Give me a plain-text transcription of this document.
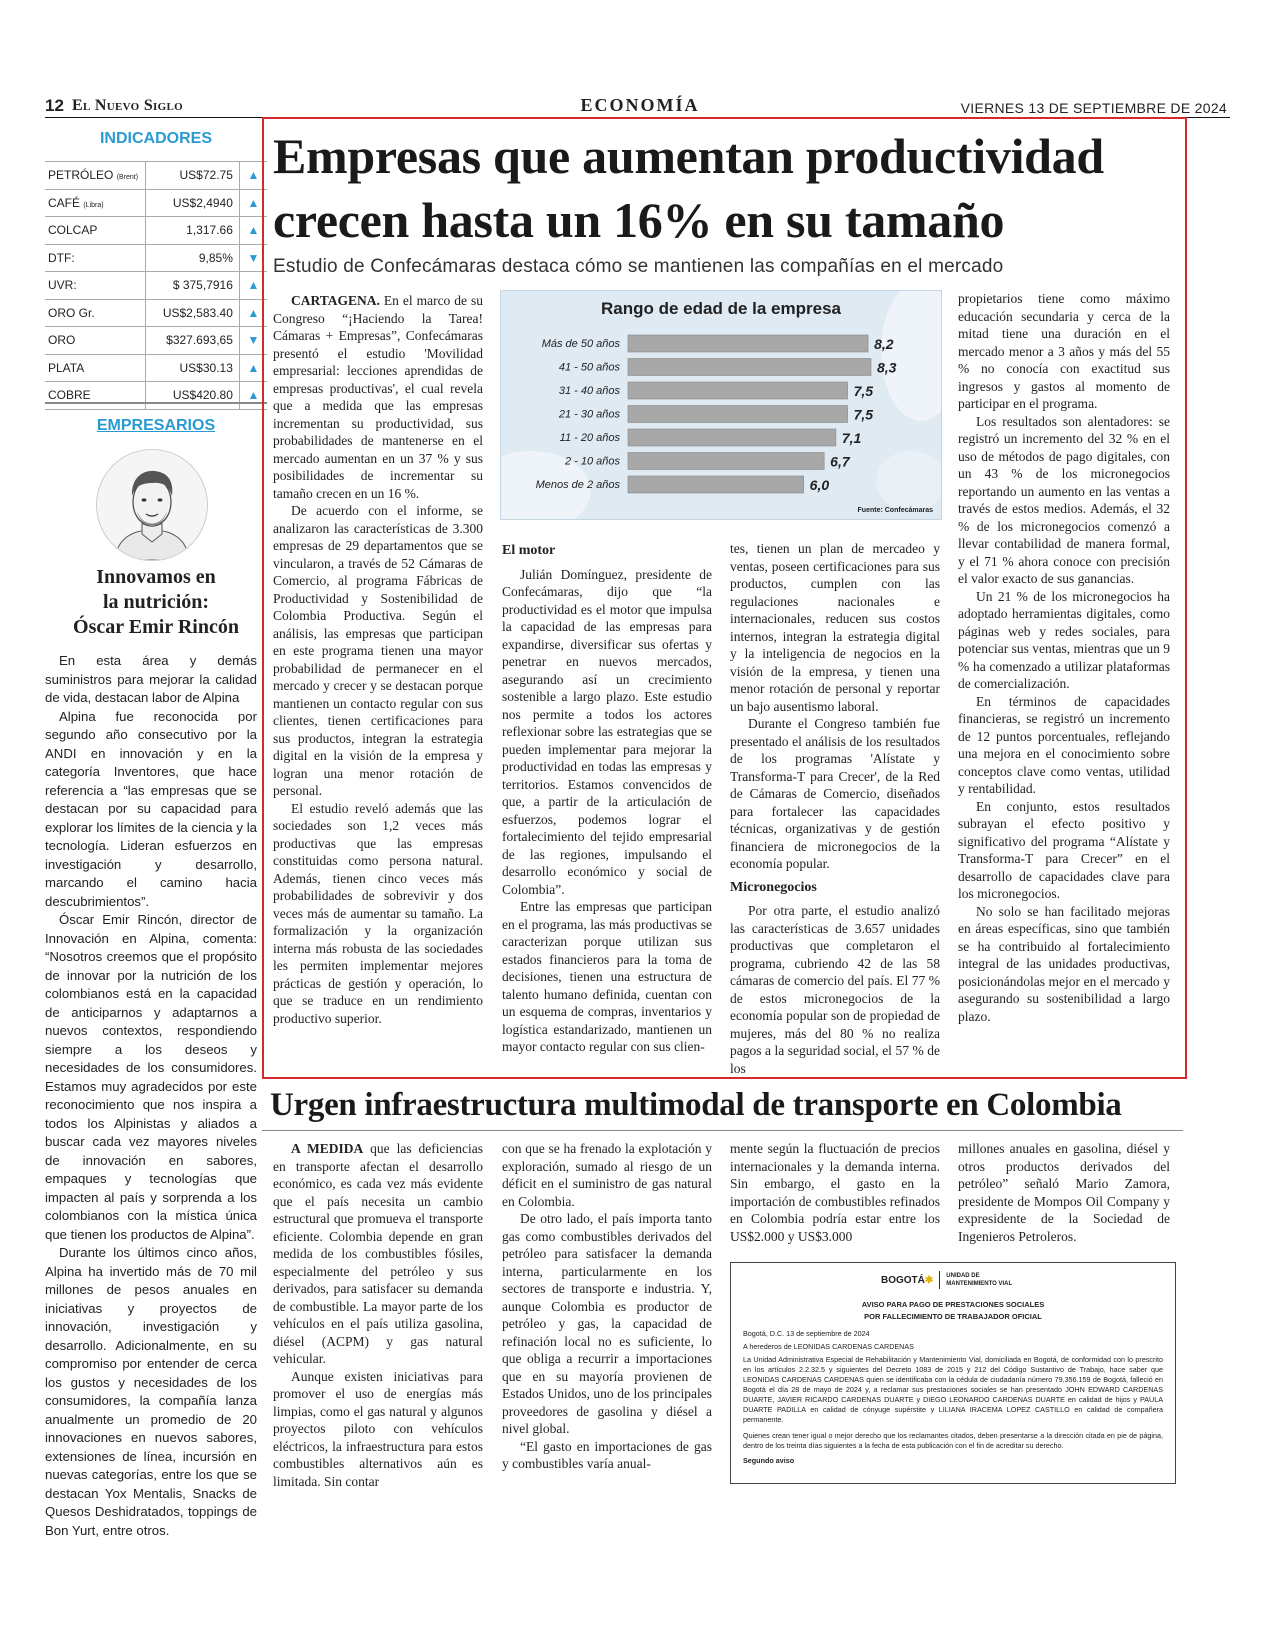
12 El Nuevo Siglo	ECONOMÍA	VIERNES 13 DE SEPTIEMBRE DE 2024
INDICADORES
PETRÓLEO (Brent)	US$72.75	▲
CAFÉ (Libra)	US$2,4940	▲
COLCAP	1,317.66	▲
DTF:	9,85%	▼
UVR:	$ 375,7916	▲
ORO Gr.	US$2,583.40	▲
ORO	$327.693,65	▼
PLATA	US$30.13	▲
COBRE	US$420.80	▲
EMPRESARIOS
Innovamos en
la nutrición:
Óscar Emir Rincón

En esta área y demás suministros para mejorar la calidad de vida, destacan labor de Alpina

Alpina fue reconocida por segundo año consecutivo por la ANDI en innovación y en la categoría Inventores, que hace referencia a “las empresas que se destacan por su capacidad para explorar los límites de la ciencia y la tecnología. Lideran esfuerzos en investigación y desarrollo, marcando el camino hacia descubrimientos”.

Óscar Emir Rincón, director de Innovación en Alpina, comenta: “Nosotros creemos que el propósito de innovar por la nutrición de los colombianos está en la capacidad de anticiparnos y adaptarnos a nuevos contextos, respondiendo siempre a los deseos y necesidades de los consumidores. Estamos muy agradecidos por este reconocimiento que nos inspira a todos los Alpinistas y aliados a buscar cada vez mayores niveles de innovación en sabores, empaques y tecnologías que impacten al país y sorprenda a los colombianos con la mística única que tienen los productos de Alpina”.

Durante los últimos cinco años, Alpina ha invertido más de 70 mil millones de pesos anuales en iniciativas y proyectos de innovación, investigación y desarrollo. Adicionalmente, en su compromiso por entender de cerca los gustos y necesidades de los consumidores, la compañía lanza anualmente un promedio de 20 innovaciones en nuevos sabores, extensiones de línea, incursión en nuevas categorías, entre los que se destacan Yox Mentalis, Snacks de Quesos Deshidratados, toppings de Bon Yurt, entre otros.

Empresas que aumentan productividad
crecen hasta un 16% en su tamaño
Estudio de Confecámaras destaca cómo se mantienen las compañías en el mercado

CARTAGENA. En el marco de su Congreso “¡Haciendo la Tarea! Cámaras + Empresas”, Confecámaras presentó el estudio 'Movilidad empresarial: lecciones aprendidas de empresas productivas', el cual revela que a medida que las empresas incrementan su productividad, sus probabilidades de mantenerse en el mercado aumentan en un 37 % y sus posibilidades de incrementar su tamaño crecen en un 16 %.

De acuerdo con el informe, se analizaron las características de 3.300 empresas de 29 departamentos que se vincularon, a través de 52 Cámaras de Comercio, al programa Fábricas de Productividad y Sostenibilidad de Colombia Productiva. Según el análisis, las empresas que participan en este programa tienen una mayor probabilidad de permanecer en el mercado y crecer y se destacan porque mantienen un contacto regular con sus clientes, tienen certificaciones para sus productos, integran la estrategia digital en la visión de la empresa y logran una menor rotación de personal.

El estudio reveló además que las sociedades son 1,2 veces más productivas que las empresas constituidas como persona natural. Además, tienen cinco veces más probabilidades de sobrevivir y dos veces más de aumentar su tamaño. La formalización y la organización interna más robusta de las sociedades les permiten implementar mejores prácticas de gestión y operación, lo que se traduce en un rendimiento productivo superior.

Rango de edad de la empresa
Más de 50 años	8,2
41 - 50 años	8,3
31 - 40 años	7,5
21 - 30 años	7,5
11 - 20 años	7,1
2 - 10 años	6,7
Menos de 2 años	6,0
Fuente: Confecámaras

El motor

Julián Domínguez, presidente de Confecámaras, dijo que “la productividad es el motor que impulsa la capacidad de las empresas para expandirse, diversificar sus ofertas y penetrar en nuevos mercados, asegurando así un crecimiento sostenible a largo plazo. Este estudio nos permite a todos los actores reflexionar sobre las estrategias que se pueden implementar para mejorar la productividad en todas las empresas y territorios. Estamos convencidos de que, a partir de la articulación de esfuerzos, podemos lograr el fortalecimiento del tejido empresarial de las regiones, impulsando el desarrollo económico y social de Colombia”.

Entre las empresas que participan en el programa, las más productivas se caracterizan porque utilizan sus estados financieros para la toma de decisiones, tienen una estructura de talento humano definida, cuentan con un esquema de compras, inventarios y logística estandarizado, mantienen un mayor contacto regular con sus clien-

tes, tienen un plan de mercadeo y ventas, poseen certificaciones para sus productos, cumplen con las regulaciones nacionales e internacionales, reducen sus costos internos, integran la estrategia digital y la inteligencia de negocios en la visión de la empresa, y tienen una menor rotación de personal y reportar un bajo ausentismo laboral.

Durante el Congreso también fue presentado el análisis de los resultados de los programas 'Alístate y Transforma-T para Crecer', de la Red de Cámaras de Comercio, diseñados para fortalecer las capacidades técnicas, organizativas y de gestión financiera de micronegocios de la economía popular.

Micronegocios

Por otra parte, el estudio analizó las características de 3.657 unidades productivas que completaron el programa, cubriendo 42 de las 58 cámaras de comercio del país. El 77 % de estos micronegocios de la economía popular son de propiedad de mujeres, más del 80 % no realiza pagos a la seguridad social, el 57 % de los

propietarios tiene como máximo educación secundaria y cerca de la mitad tiene una duración en el mercado menor a 3 años y más del 55 % no conocía con exactitud sus ingresos y gastos al momento de participar en el programa.

Los resultados son alentadores: se registró un incremento del 32 % en el uso de métodos de pago digitales, con un 43 % de los micronegocios reportando un aumento en las ventas a través de estos medios. Además, el 32 % de los micronegocios comenzó a llevar contabilidad de manera formal, y el 71 % ahora conoce con precisión el valor exacto de sus ganancias.

Un 21 % de los micronegocios ha adoptado herramientas digitales, como páginas web y redes sociales, para potenciar sus ventas, mientras que un 9 % ha comenzado a utilizar plataformas de comercialización.

En términos de capacidades financieras, se registró un incremento de 12 puntos porcentuales, reflejando una mejora en el conocimiento sobre conceptos clave como ventas, utilidad y rentabilidad.

En conjunto, estos resultados subrayan el efecto positivo y significativo del programa “Alístate y Transforma-T para Crecer” en el desarrollo de capacidades clave para los micronegocios.

No solo se han facilitado mejoras en áreas específicas, sino que también se ha contribuido al fortalecimiento integral de las unidades productivas, posicionándolas mejor en el mercado y asegurando su sostenibilidad a largo plazo.

Urgen infraestructura multimodal de transporte en Colombia

A MEDIDA que las deficiencias en transporte afectan el desarrollo económico, es cada vez más evidente que el país necesita un cambio estructural que promueva el transporte eficiente. Colombia depende en gran medida de los combustibles fósiles, especialmente del petróleo y sus derivados, para satisfacer su demanda de combustible. La mayor parte de los vehículos en el país utiliza gasolina, diésel (ACPM) y gas natural vehicular.

Aunque existen iniciativas para promover el uso de energías más limpias, como el gas natural y algunos proyectos piloto con vehículos eléctricos, la infraestructura para estos combustibles alternativos aún es limitada. Sin contar

con que se ha frenado la explotación y exploración, sumado al riesgo de un déficit en el suministro de gas natural en Colombia.

De otro lado, el país importa tanto gas como combustibles derivados del petróleo para satisfacer la demanda interna, particularmente en los sectores de transporte e industria. Y, aunque Colombia es productor de petróleo y gas, la capacidad de refinación local no es suficiente, lo que obliga a recurrir a importaciones que en su mayoría provienen de Estados Unidos, uno de los principales proveedores de gasolina y diésel a nivel global.

“El gasto en importaciones de gas y combustibles varía anual-

mente según la fluctuación de precios internacionales y la demanda interna. Sin embargo, el gasto en la importación de combustibles refinados en Colombia podría estar entre los US$2.000 y US$3.000

millones anuales en gasolina, diésel y otros productos derivados del petróleo” señaló Mario Zamora, presidente de Mompos Oil Company y expresidente de la Sociedad de Ingenieros Petroleros.

BOGOTÁ✱ UNIDAD DE MANTENIMIENTO VIAL
AVISO PARA PAGO DE PRESTACIONES SOCIALES
POR FALLECIMIENTO DE TRABAJADOR OFICIAL
Bogotá, D.C. 13 de septiembre de 2024
A herederos de LEONIDAS CARDENAS CARDENAS
La Unidad Administrativa Especial de Rehabilitación y Mantenimiento Vial, domiciliada en Bogotá, de conformidad con lo prescrito en los artículos 2.2.32.5 y siguientes del Decreto 1083 de 2015 y 212 del Código Sustantivo de Trabajo, hace saber que LEONIDAS CARDENAS CARDENAS quien se identificaba con la cédula de ciudadanía número 79.356.159 de Bogotá, falleció en Bogotá el día 28 de mayo de 2024 y, a reclamar sus prestaciones sociales se han presentado JOHN EDWARD CARDENAS DUARTE, JAVIER RICARDO CARDENAS DUARTE y DIEGO LEONARDO CARDENAS DUARTE en calidad de hijos y PAULA DUARTE PADILLA en calidad de cónyuge supérstite y LILIANA IRACEMA LOPEZ CASTILLO en calidad de compañera permanente.
Quienes crean tener igual o mejor derecho que los reclamantes citados, deben presentarse a la dirección citada en pie de página, dentro de los treinta días siguientes a la fecha de esta publicación con el fin de acreditar su derecho.
Segundo aviso
